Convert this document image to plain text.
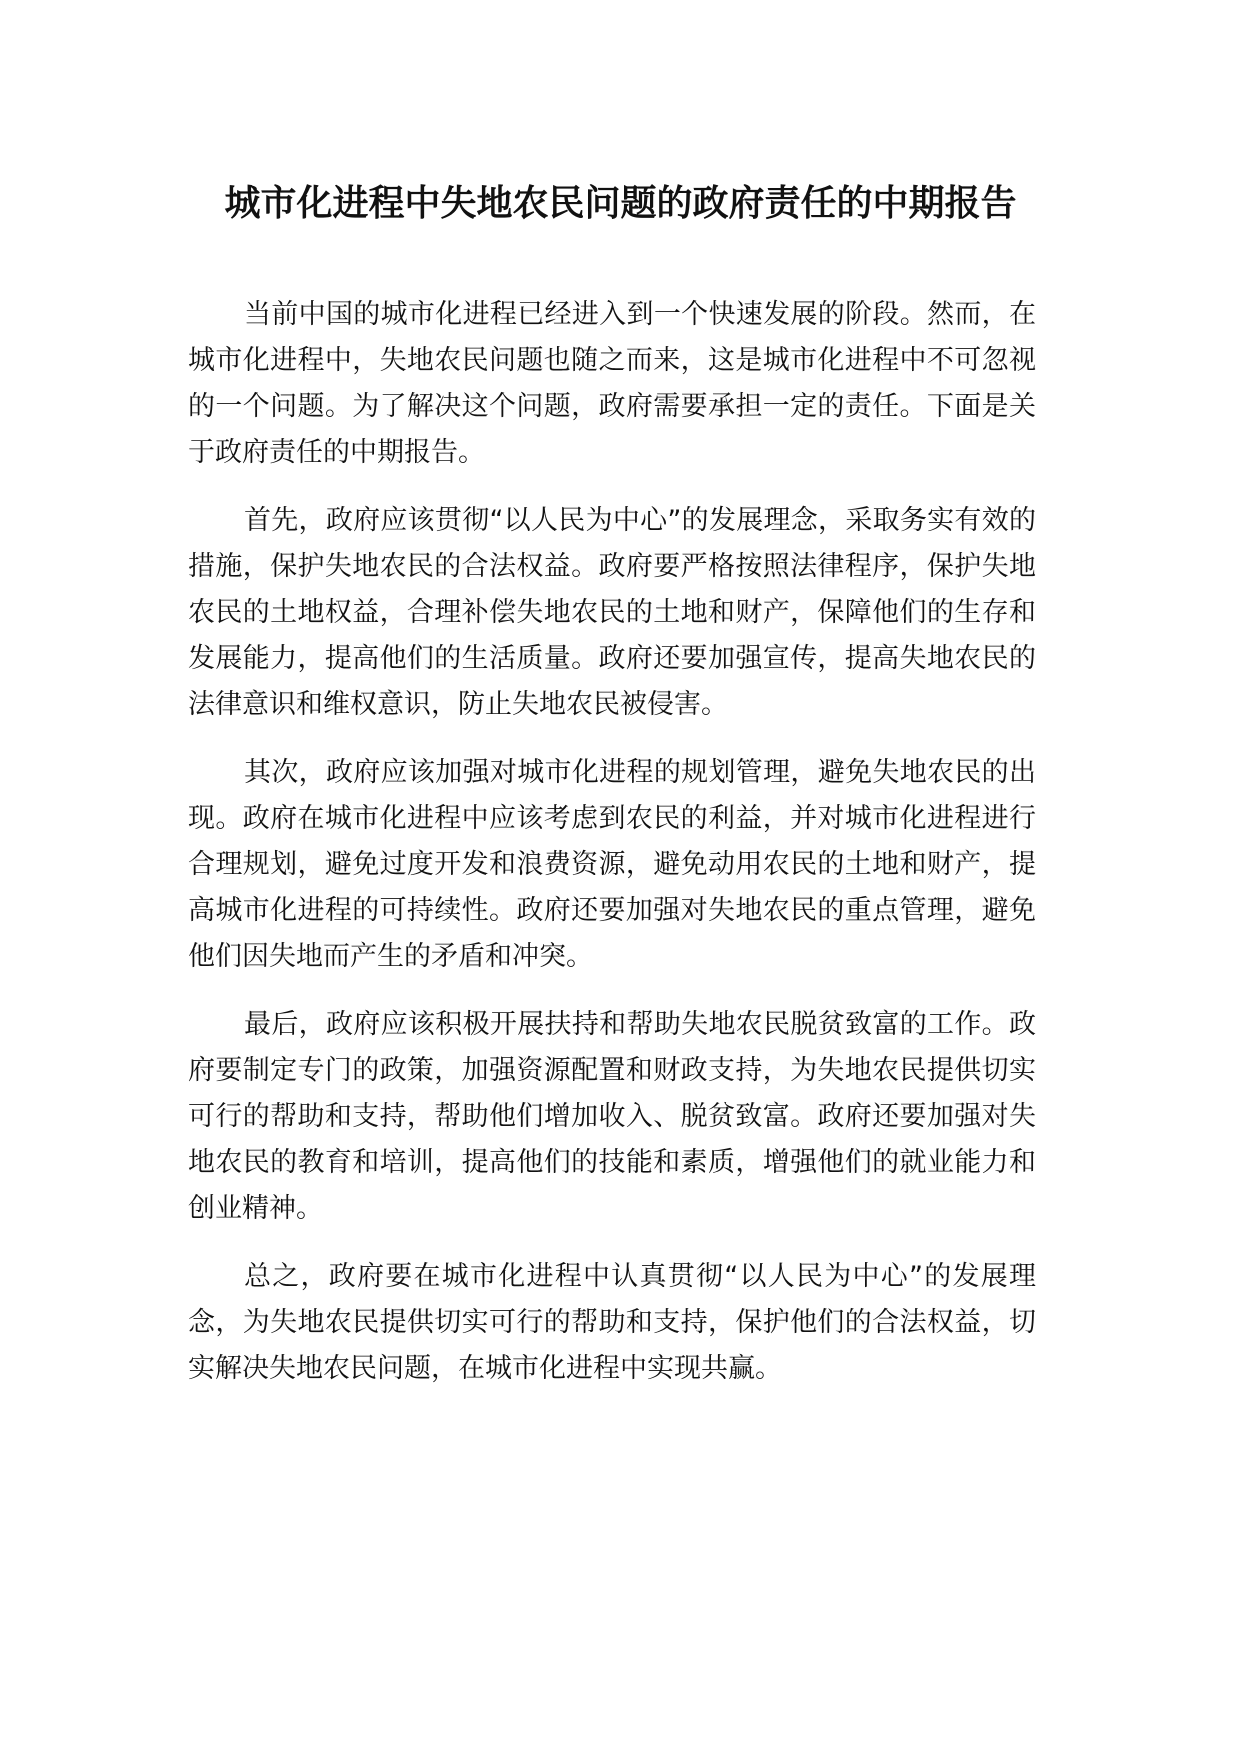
城市化进程中失地农民问题的政府责任的中期报告

当前中国的城市化进程已经进入到一个快速发展的阶段。然而，在城市化进程中，失地农民问题也随之而来，这是城市化进程中不可忽视的一个问题。为了解决这个问题，政府需要承担一定的责任。下面是关于政府责任的中期报告。

首先，政府应该贯彻“以人民为中心”的发展理念，采取务实有效的措施，保护失地农民的合法权益。政府要严格按照法律程序，保护失地农民的土地权益，合理补偿失地农民的土地和财产，保障他们的生存和发展能力，提高他们的生活质量。政府还要加强宣传，提高失地农民的法律意识和维权意识，防止失地农民被侵害。

其次，政府应该加强对城市化进程的规划管理，避免失地农民的出现。政府在城市化进程中应该考虑到农民的利益，并对城市化进程进行合理规划，避免过度开发和浪费资源，避免动用农民的土地和财产，提高城市化进程的可持续性。政府还要加强对失地农民的重点管理，避免他们因失地而产生的矛盾和冲突。

最后，政府应该积极开展扶持和帮助失地农民脱贫致富的工作。政府要制定专门的政策，加强资源配置和财政支持，为失地农民提供切实可行的帮助和支持，帮助他们增加收入、脱贫致富。政府还要加强对失地农民的教育和培训，提高他们的技能和素质，增强他们的就业能力和创业精神。

总之，政府要在城市化进程中认真贯彻“以人民为中心”的发展理念，为失地农民提供切实可行的帮助和支持，保护他们的合法权益，切实解决失地农民问题，在城市化进程中实现共赢。
